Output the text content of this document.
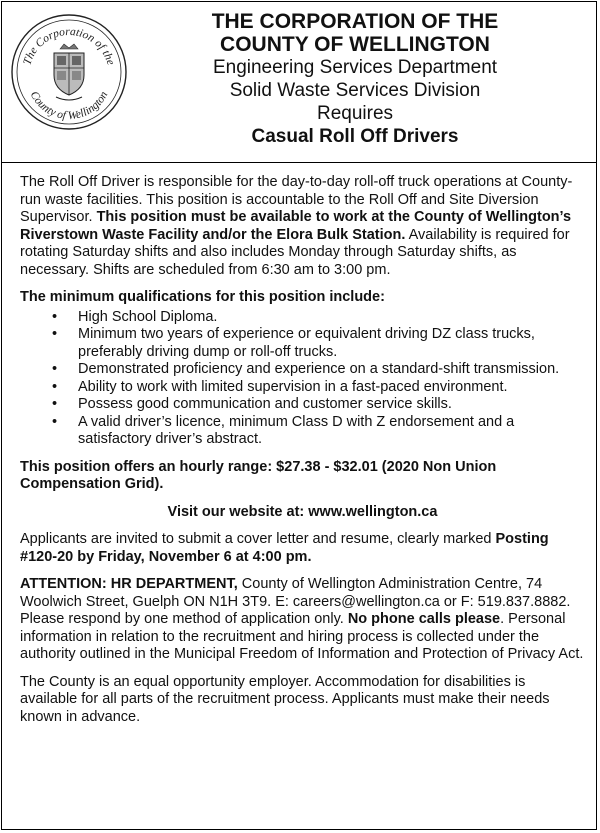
The Corporation of the
County of Wellington
THE CORPORATION OF THE
COUNTY OF WELLINGTON
Engineering Services Department
Solid Waste Services Division
Requires
Casual Roll Off Drivers

The Roll Off Driver is responsible for the day-to-day roll-off truck operations at County-run waste facilities. This position is accountable to the Roll Off and Site Diversion Supervisor. This position must be available to work at the County of Wellington’s Riverstown Waste Facility and/or the Elora Bulk Station. Availability is required for rotating Saturday shifts and also includes Monday through Saturday shifts, as necessary. Shifts are scheduled from 6:30 am to 3:00 pm.

The minimum qualifications for this position include:

• High School Diploma.
• Minimum two years of experience or equivalent driving DZ class trucks, preferably driving dump or roll-off trucks.
• Demonstrated proficiency and experience on a standard-shift transmission.
• Ability to work with limited supervision in a fast-paced environment.
• Possess good communication and customer service skills.
• A valid driver’s licence, minimum Class D with Z endorsement and a satisfactory driver’s abstract.

This position offers an hourly range: $27.38 - $32.01 (2020 Non Union Compensation Grid).

Visit our website at: www.wellington.ca

Applicants are invited to submit a cover letter and resume, clearly marked Posting #120-20 by Friday, November 6 at 4:00 pm.

ATTENTION: HR DEPARTMENT, County of Wellington Administration Centre, 74 Woolwich Street, Guelph ON N1H 3T9. E: careers@wellington.ca or F: 519.837.8882. Please respond by one method of application only. No phone calls please. Personal information in relation to the recruitment and hiring process is collected under the authority outlined in the Municipal Freedom of Information and Protection of Privacy Act.

The County is an equal opportunity employer. Accommodation for disabilities is available for all parts of the recruitment process. Applicants must make their needs known in advance.
